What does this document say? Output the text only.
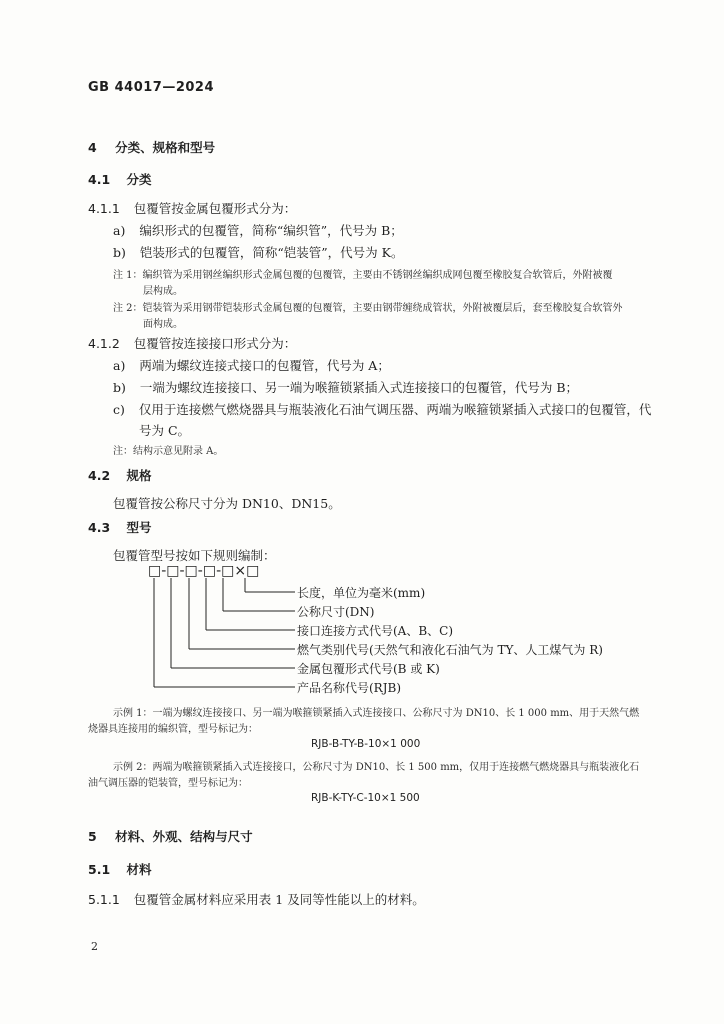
GB 44017—2024
4 分类、规格和型号
4.1 分类
4.1.1 包覆管按金属包覆形式分为：
a) 编织形式的包覆管，简称“编织管”，代号为 B；
b) 铠装形式的包覆管，简称“铠装管”，代号为 K。
注 1：编织管为采用钢丝编织形式金属包覆的包覆管，主要由不锈钢丝编织成网包覆至橡胶复合软管后，外附被覆
层构成。
注 2：铠装管为采用钢带铠装形式金属包覆的包覆管，主要由钢带缠绕成管状，外附被覆层后，套至橡胶复合软管外
面构成。
4.1.2 包覆管按连接接口形式分为：
a) 两端为螺纹连接式接口的包覆管，代号为 A；
b) 一端为螺纹连接接口、另一端为喉箍锁紧插入式连接接口的包覆管，代号为 B；
c) 仅用于连接燃气燃烧器具与瓶装液化石油气调压器、两端为喉箍锁紧插入式接口的包覆管，代
号为 C。
注：结构示意见附录 A。
4.2 规格
包覆管按公称尺寸分为 DN10、DN15。
4.3 型号
包覆管型号按如下规则编制：
□-□-□-□-□×□
长度，单位为毫米(mm)
公称尺寸(DN)
接口连接方式代号(A、B、C)
燃气类别代号(天然气和液化石油气为 TY、人工煤气为 R)
金属包覆形式代号(B 或 K)
产品名称代号(RJB)
示例 1：一端为螺纹连接接口、另一端为喉箍锁紧插入式连接接口、公称尺寸为 DN10、长 1 000 mm、用于天然气燃
烧器具连接用的编织管，型号标记为：
RJB-B-TY-B-10×1 000
示例 2：两端为喉箍锁紧插入式连接接口，公称尺寸为 DN10、长 1 500 mm，仅用于连接燃气燃烧器具与瓶装液化石
油气调压器的铠装管，型号标记为：
RJB-K-TY-C-10×1 500
5 材料、外观、结构与尺寸
5.1 材料
5.1.1 包覆管金属材料应采用表 1 及同等性能以上的材料。
2
